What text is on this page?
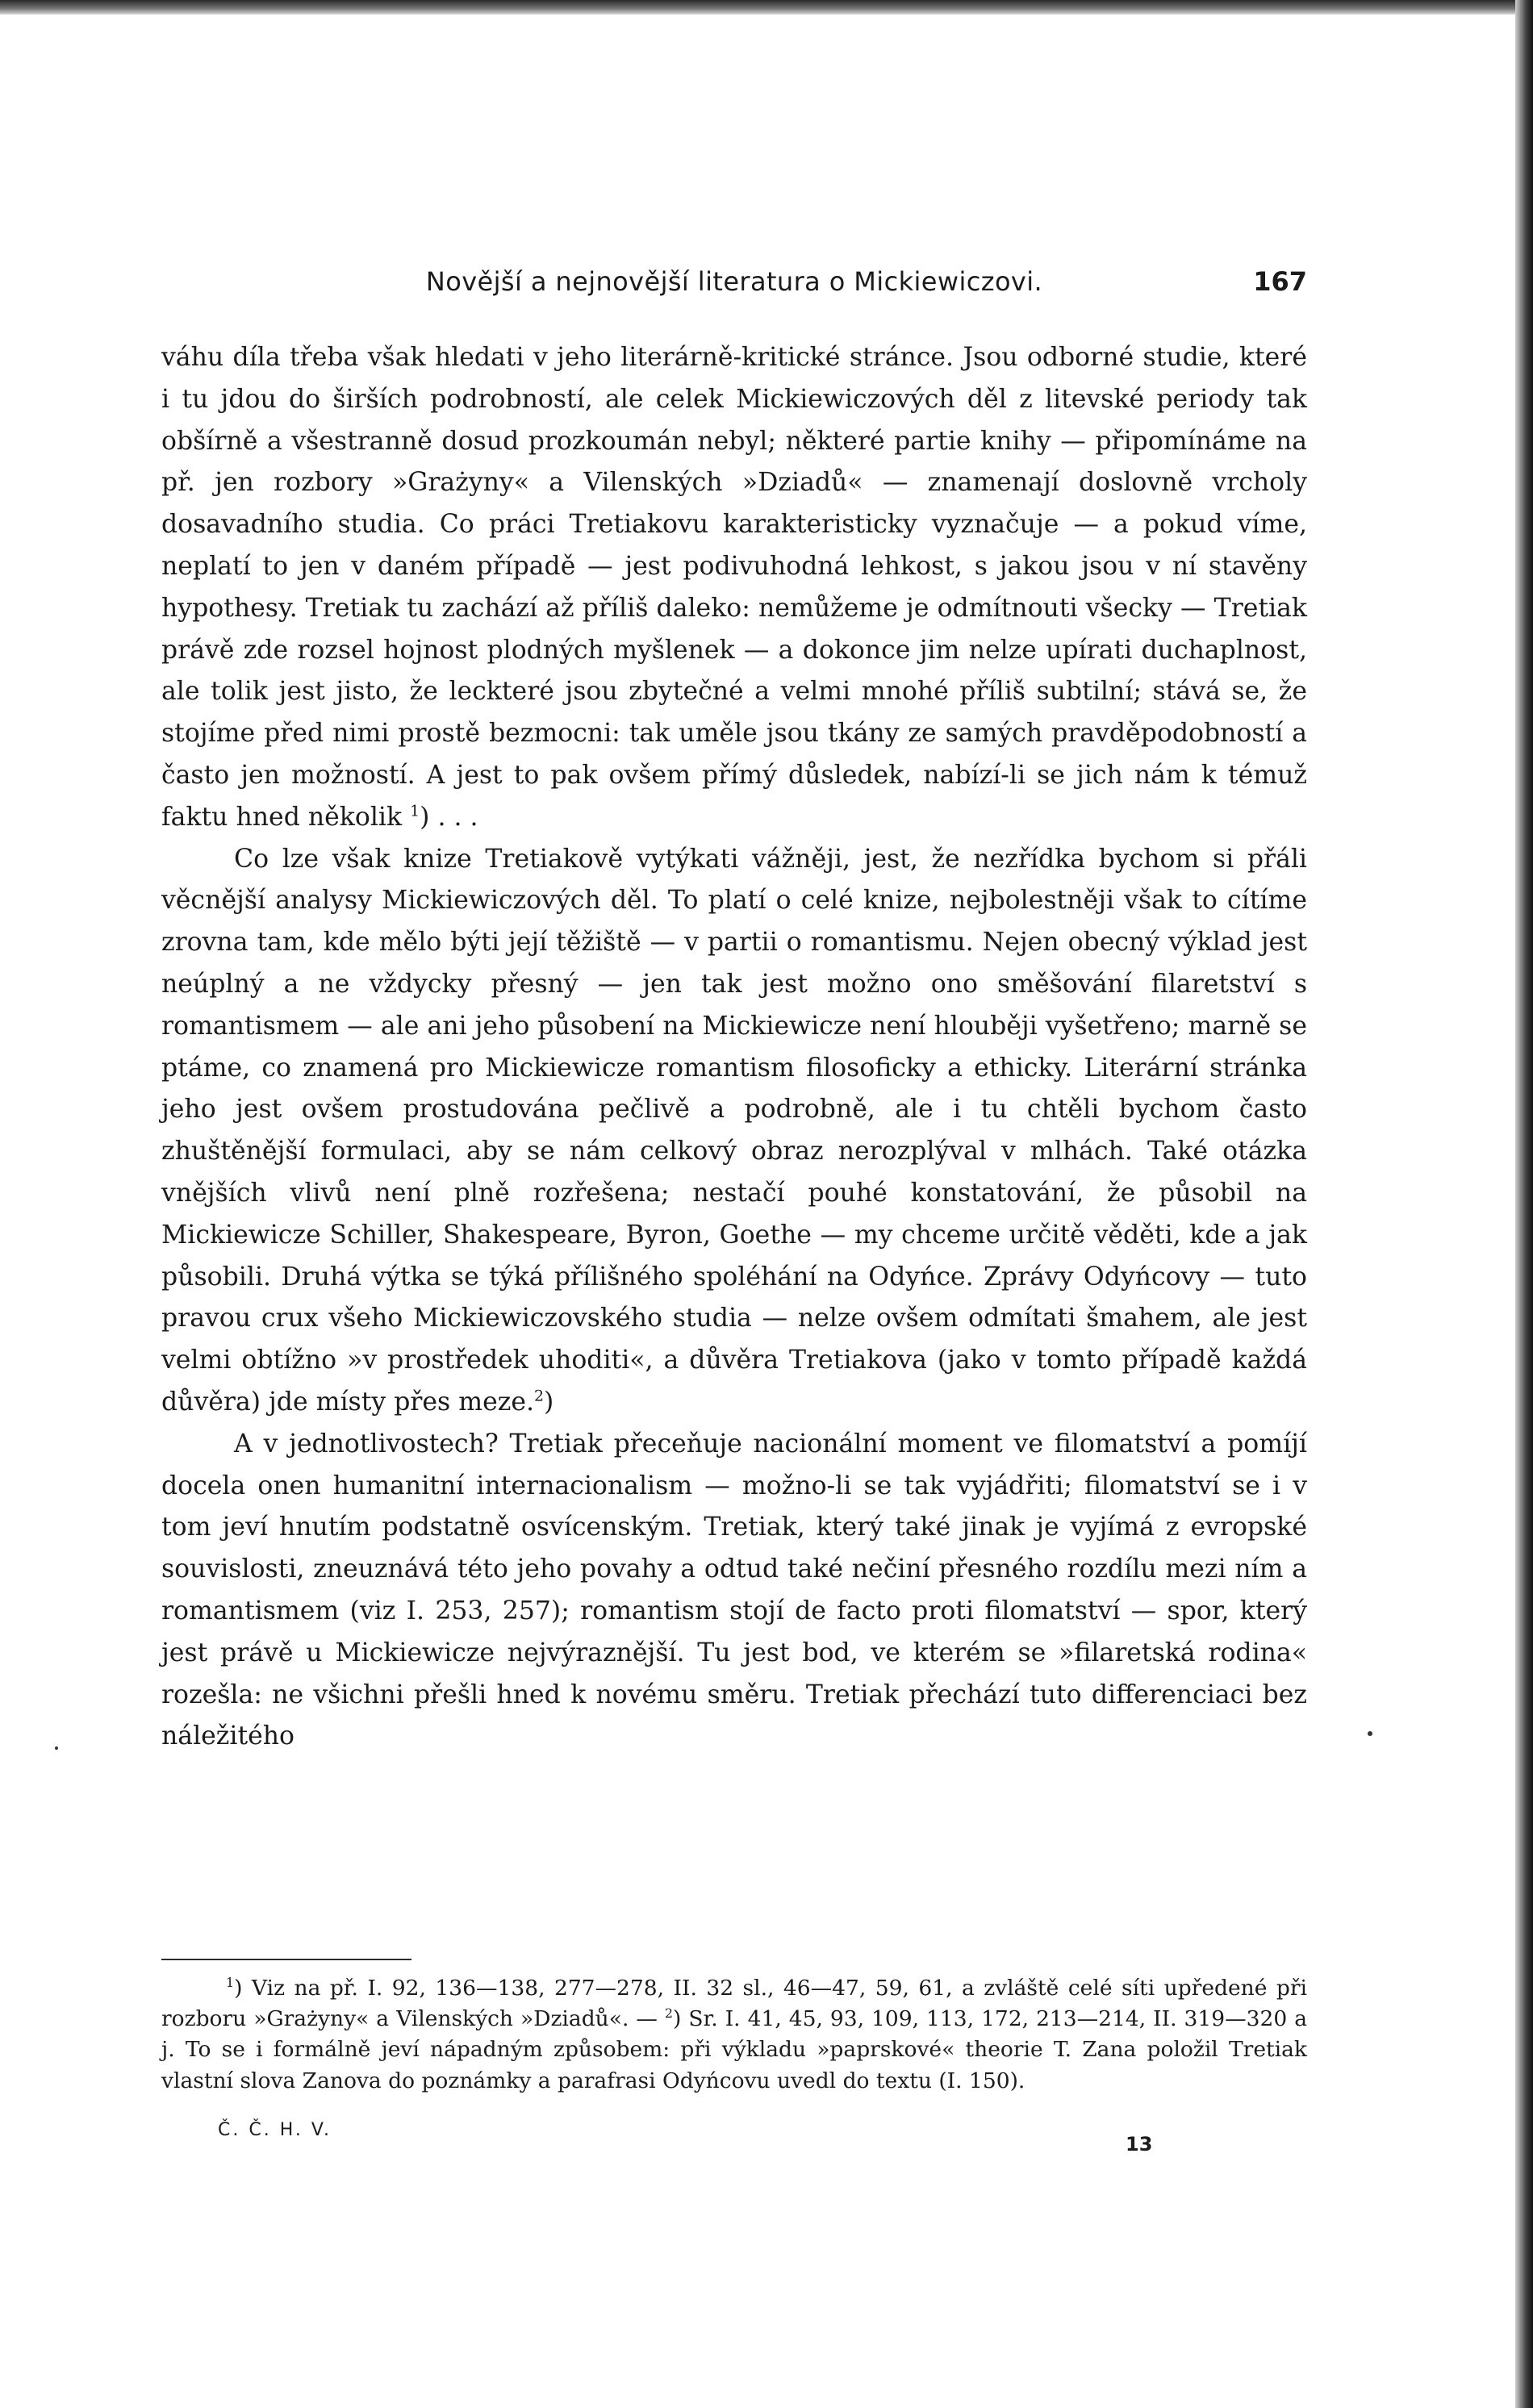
Novější a nejnovější literatura o Mickiewiczovi.	167

váhu díla třeba však hledati v jeho literárně-kritické stránce. Jsou odborné studie, které i tu jdou do širších podrobností, ale celek Mickiewiczových děl z litevské periody tak obšírně a všestranně dosud prozkoumán nebyl; některé partie knihy — připomínáme na př. jen rozbory »Grażyny« a Vilenských »Dziadů« — znamenají doslovně vrcholy dosavadního studia. Co práci Tretiakovu karakteristicky vyznačuje — a pokud víme, neplatí to jen v daném případě — jest podivuhodná lehkost, s jakou jsou v ní stavěny hypothesy. Tretiak tu zachází až příliš daleko: nemůžeme je odmítnouti všecky — Tretiak právě zde rozsel hojnost plodných myšlenek — a dokonce jim nelze upírati duchaplnost, ale tolik jest jisto, že leckteré jsou zbytečné a velmi mnohé příliš subtilní; stává se, že stojíme před nimi prostě bezmocni: tak uměle jsou tkány ze samých pravděpodobností a často jen možností. A jest to pak ovšem přímý důsledek, nabízí-li se jich nám k témuž faktu hned několik $^1$) . . .

Co lze však knize Tretiakově vytýkati vážněji, jest, že nezřídka bychom si přáli věcnější analysy Mickiewiczových děl. To platí o celé knize, nejbolestněji však to cítíme zrovna tam, kde mělo býti její těžiště — v partii o romantismu. Nejen obecný výklad jest neúplný a ne vždycky přesný — jen tak jest možno ono směšování filaretství s romantismem — ale ani jeho působení na Mickiewicze není hlouběji vyšetřeno; marně se ptáme, co znamená pro Mickiewicze romantism filosoficky a ethicky. Literární stránka jeho jest ovšem prostudována pečlivě a podrobně, ale i tu chtěli bychom často zhuštěnější formulaci, aby se nám celkový obraz nerozplýval v mlhách. Také otázka vnějších vlivů není plně rozřešena; nestačí pouhé konstatování, že působil na Mickiewicze Schiller, Shakespeare, Byron, Goethe — my chceme určitě věděti, kde a jak působili. Druhá výtka se týká přílišného spoléhání na Odyńce. Zprávy Odyńcovy — tuto pravou crux všeho Mickiewiczovského studia — nelze ovšem odmítati šmahem, ale jest velmi obtížno »v prostředek uhoditi«, a důvěra Tretiakova (jako v tomto případě každá důvěra) jde místy přes meze.$^2$)

A v jednotlivostech? Tretiak přeceňuje nacionální moment ve filomatství a pomíjí docela onen humanitní internacionalism — možno-li se tak vyjádřiti; filomatství se i v tom jeví hnutím podstatně osvícenským. Tretiak, který také jinak je vyjímá z evropské souvislosti, zneuznává této jeho povahy a odtud také nečiní přesného rozdílu mezi ním a romantismem (viz I. 253, 257); romantism stojí de facto proti filomatství — spor, který jest právě u Mickiewicze nejvýraznější. Tu jest bod, ve kterém se »filaretská rodina« rozešla: ne všichni přešli hned k novému směru. Tretiak přechází tuto differenciaci bez náležitého

$^1$) Viz na př. I. 92, 136—138, 277—278, II. 32 sl., 46—47, 59, 61, a zvláště celé síti upředené při rozboru »Grażyny« a Vilenských »Dziadů«. — $^2$) Sr. I. 41, 45, 93, 109, 113, 172, 213—214, II. 319—320 a j. To se i formálně jeví nápadným způsobem: při výkladu »paprskové« theorie T. Zana položil Tretiak vlastní slova Zanova do poznámky a parafrasi Odyńcovu uvedl do textu (I. 150).

Č. Č. H. V.
13
